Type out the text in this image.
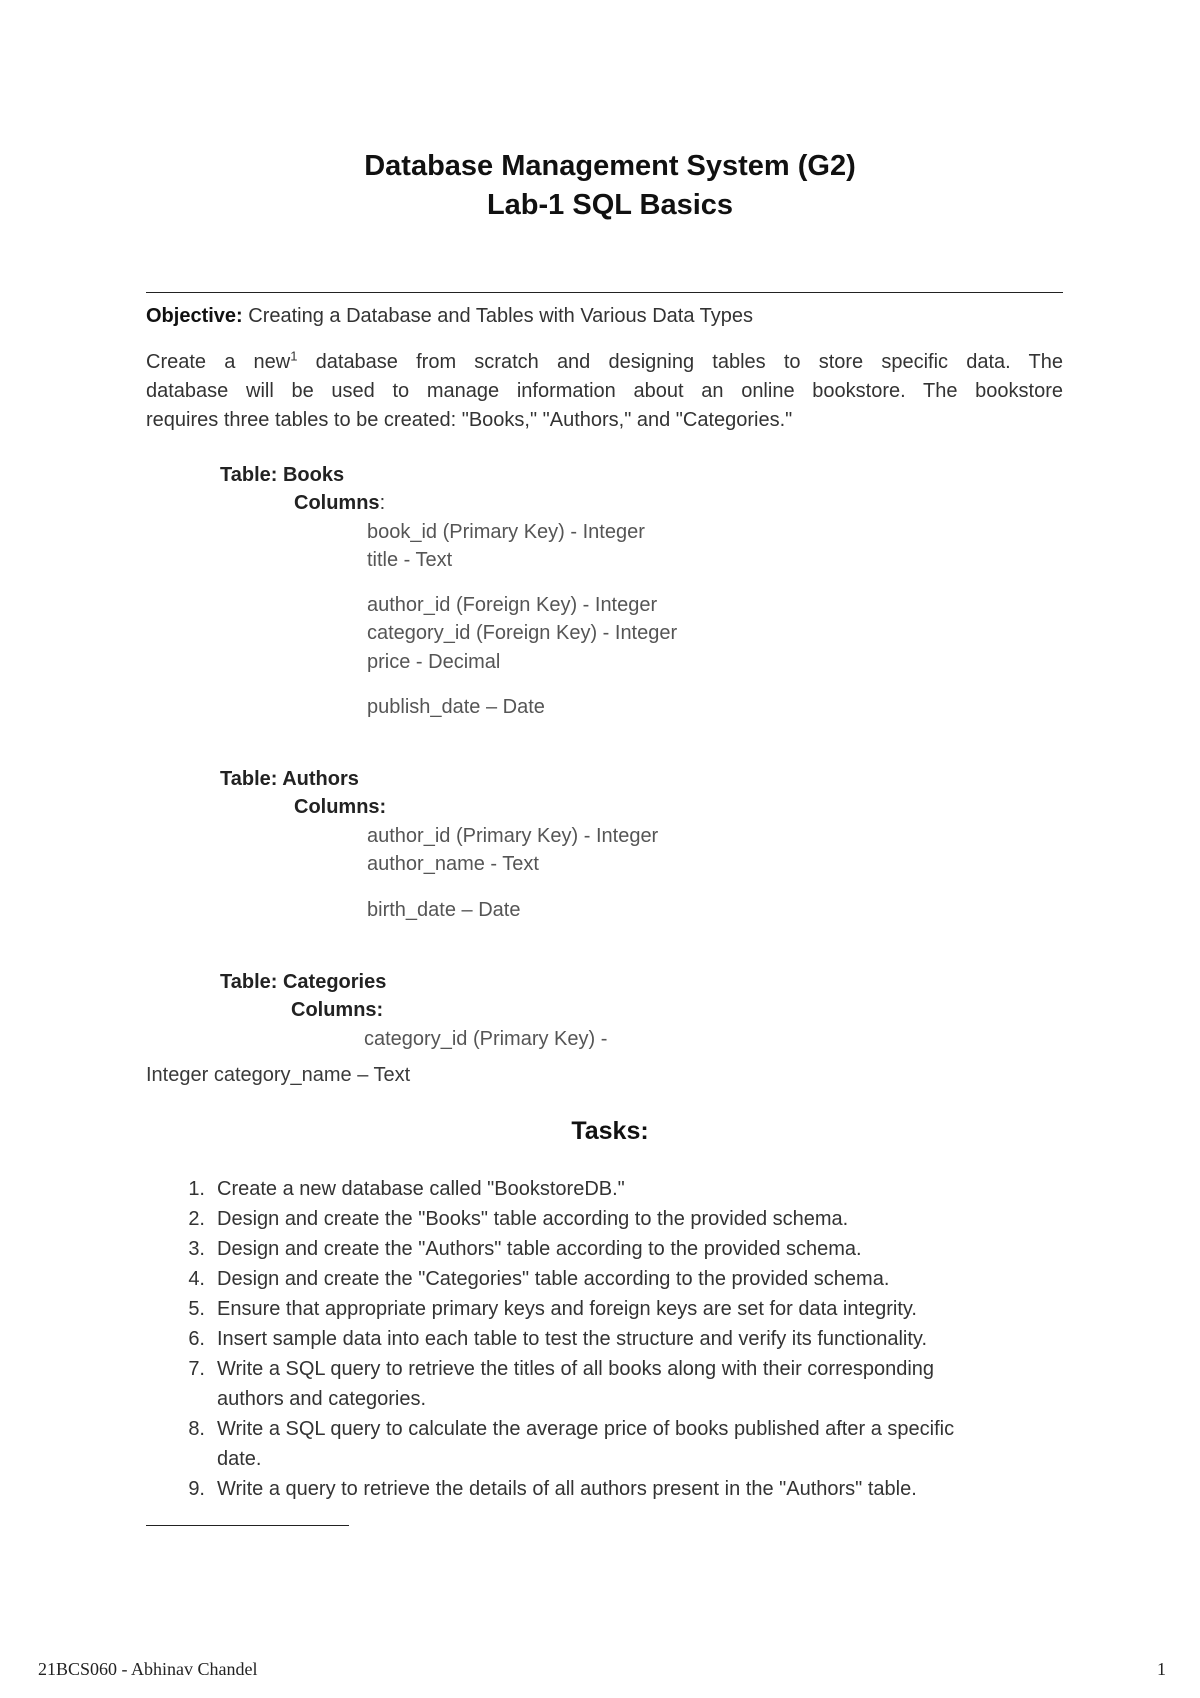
Database Management System (G2)
Lab-1 SQL Basics
Objective: Creating a Database and Tables with Various Data Types
Create a new$^1$ database from scratch and designing tables to store specific data. The
database will be used to manage information about an online bookstore. The bookstore
requires three tables to be created: "Books," "Authors," and "Categories."
Table: Books
Columns:
book_id (Primary Key) - Integer
title - Text
author_id (Foreign Key) - Integer
category_id (Foreign Key) - Integer
price - Decimal
publish_date – Date
Table: Authors
Columns:
author_id (Primary Key) - Integer
author_name - Text
birth_date – Date
Table: Categories
Columns:
category_id (Primary Key) -
Integer category_name – Text
Tasks:
1. Create a new database called "BookstoreDB."
2. Design and create the "Books" table according to the provided schema.
3. Design and create the "Authors" table according to the provided schema.
4. Design and create the "Categories" table according to the provided schema.
5. Ensure that appropriate primary keys and foreign keys are set for data integrity.
6. Insert sample data into each table to test the structure and verify its functionality.
7. Write a SQL query to retrieve the titles of all books along with their corresponding
authors and categories.
8. Write a SQL query to calculate the average price of books published after a specific
date.
9. Write a query to retrieve the details of all authors present in the "Authors" table.
21BCS060 - Abhinav Chandel	1
